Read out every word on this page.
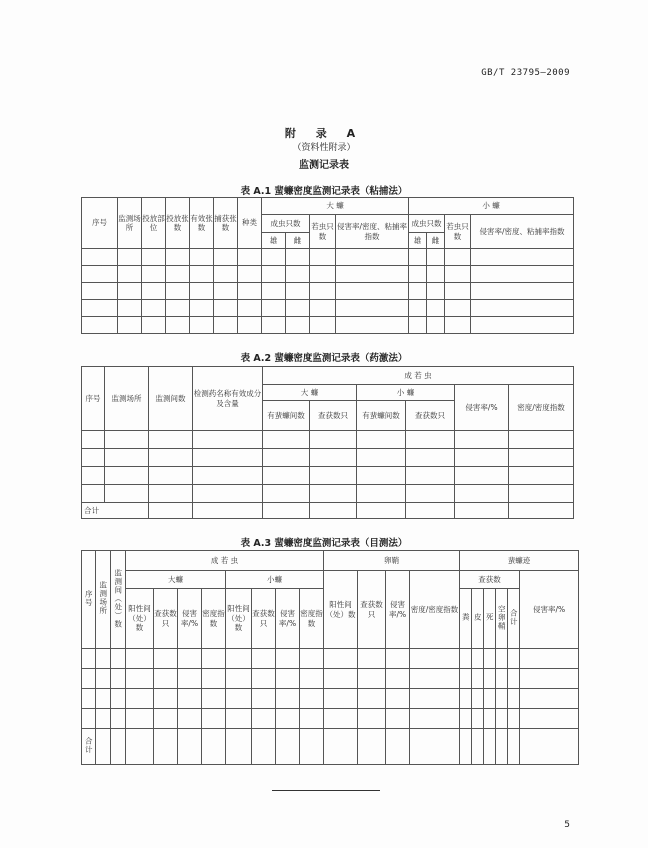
GB/T 23795—2009
附 录 A
（资料性附录）
监测记录表
表 A.1 蜚蠊密度监测记录表（粘捕法）
序号	监测场所	投放部位	投放张数	有效张数	捕获张数	种类	大 蠊				小 蠊			
							成虫只数		若虫只数	侵害率/密度、粘捕率指数	成虫只数		若虫只数	侵害率/密度、粘捕率指数
							雄	雌			雄	雌		

表 A.2 蜚蠊密度监测记录表（药激法）
序号	监测场所	监测间数	检测药名称有效成分及含量	成 若 虫					
				大 蠊		小 蠊		侵害率/%	密度/密度指数
				有蜚蠊间数	查获数只	有蜚蠊间数	查获数只		

合计									
表 A.3 蜚蠊密度监测记录表（目测法）
序号	监测场所	监测间（处）数	成 若 虫								卵鞘				蜚蠊迹					
			大蠊				小蠊				阳性间（处）数	查获数只	侵害率/%	密度/密度指数	查获数					侵害率/%
			阳性间（处）数	查获数只	侵害率/%	密度指数	阳性间（处）数	查获数只	侵害率/%	密度指数					粪	皮	死	空卵鞘	合计	

合计																				
5
